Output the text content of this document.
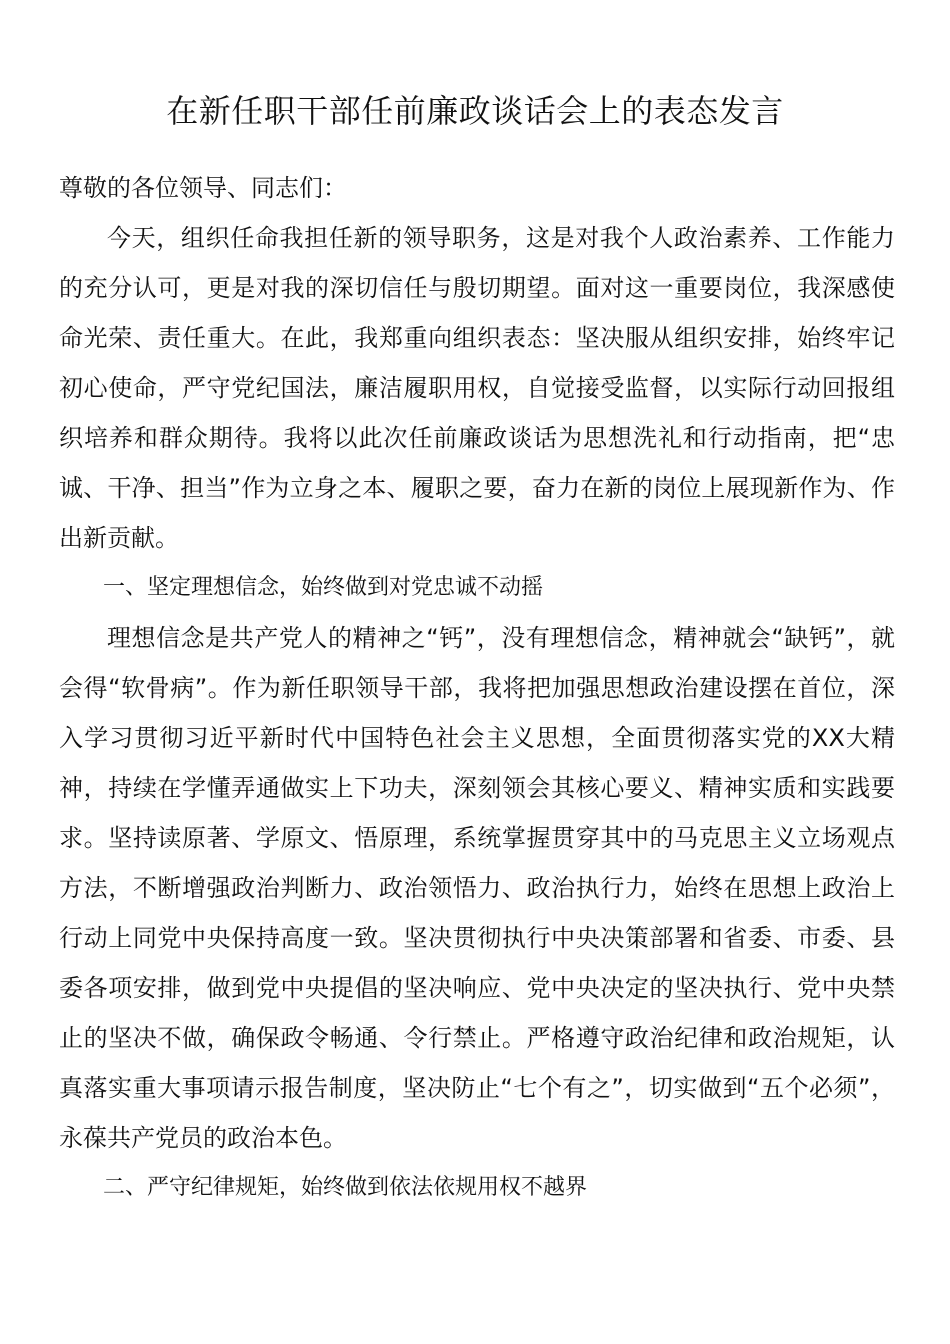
在新任职干部任前廉政谈话会上的表态发言

尊敬的各位领导、同志们：

今天，组织任命我担任新的领导职务，这是对我个人政治素养、工作能力的充分认可，更是对我的深切信任与殷切期望。面对这一重要岗位，我深感使命光荣、责任重大。在此，我郑重向组织表态：坚决服从组织安排，始终牢记初心使命，严守党纪国法，廉洁履职用权，自觉接受监督，以实际行动回报组织培养和群众期待。我将以此次任前廉政谈话为思想洗礼和行动指南，把“忠诚、干净、担当”作为立身之本、履职之要，奋力在新的岗位上展现新作为、作出新贡献。

一、坚定理想信念，始终做到对党忠诚不动摇

理想信念是共产党人的精神之“钙”，没有理想信念，精神就会“缺钙”，就会得“软骨病”。作为新任职领导干部，我将把加强思想政治建设摆在首位，深入学习贯彻习近平新时代中国特色社会主义思想，全面贯彻落实党的XX大精神，持续在学懂弄通做实上下功夫，深刻领会其核心要义、精神实质和实践要求。坚持读原著、学原文、悟原理，系统掌握贯穿其中的马克思主义立场观点方法，不断增强政治判断力、政治领悟力、政治执行力，始终在思想上政治上行动上同党中央保持高度一致。坚决贯彻执行中央决策部署和省委、市委、县委各项安排，做到党中央提倡的坚决响应、党中央决定的坚决执行、党中央禁止的坚决不做，确保政令畅通、令行禁止。严格遵守政治纪律和政治规矩，认真落实重大事项请示报告制度，坚决防止“七个有之”，切实做到“五个必须”，永葆共产党员的政治本色。

二、严守纪律规矩，始终做到依法依规用权不越界
